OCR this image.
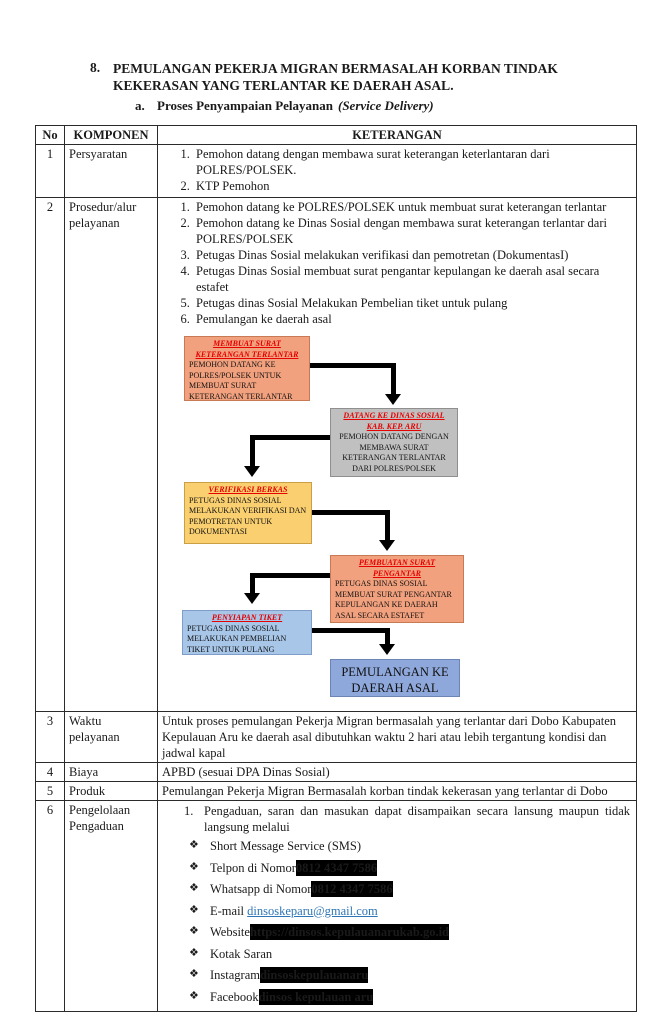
8. PEMULANGAN PEKERJA MIGRAN BERMASALAH KORBAN TINDAK
KEKERASAN YANG TERLANTAR KE DAERAH ASAL.
a. Proses Penyampaian Pelayanan (Service Delivery)
No	KOMPONEN	KETERANGAN
1	Persyaratan	
1.Pemohon datang dengan membawa surat keterangan keterlantaran dari POLRES/POLSEK.
2. KTP Pemohon

2	Prosedur/alur pelayanan	
1. Pemohon datang ke POLRES/POLSEK untuk membuat surat keterangan terlantar
2. Pemohon datang ke Dinas Sosial dengan membawa surat keterangan terlantar dari POLRES/POLSEK
3. Petugas Dinas Sosial melakukan verifikasi dan pemotretan (DokumentasI)
4. Petugas Dinas Sosial membuat surat pengantar kepulangan ke daerah asal secara estafet
5. Petugas dinas Sosial Melakukan Pembelian tiket untuk pulang
6. Pemulangan ke daerah asal
MEMBUAT SURAT KETERANGAN TERLANTAR
PEMOHON DATANG KE POLRES/POLSEK UNTUK MEMBUAT SURAT KETERANGAN TERLANTAR
DATANG KE DINAS SOSIAL KAB. KEP. ARU
PEMOHON DATANG DENGAN MEMBAWA SURAT KETERANGAN TERLANTAR DARI POLRES/POLSEK
VERIFIKASI BERKAS
PETUGAS DINAS SOSIAL MELAKUKAN VERIFIKASI DAN PEMOTRETAN UNTUK DOKUMENTASI
PEMBUATAN SURAT PENGANTAR
PETUGAS DINAS SOSIAL MEMBUAT SURAT PENGANTAR KEPULANGAN KE DAERAH ASAL SECARA ESTAFET
PENYIAPAN TIKET
PETUGAS DINAS SOSIAL MELAKUKAN PEMBELIAN TIKET UNTUK PULANG
PEMULANGAN KE DAERAH ASAL

3	Waktu pelayanan	Untuk proses pemulangan Pekerja Migran bermasalah yang terlantar dari Dobo Kabupaten Kepulauan Aru ke daerah asal dibutuhkan waktu 2 hari atau lebih tergantung kondisi dan jadwal kapal
4	Biaya	APBD (sesuai DPA Dinas Sosial)
5	Produk	Pemulangan Pekerja Migran Bermasalah korban tindak kekerasan yang terlantar di Dobo
6	Pengelolaan Pengaduan	
1. Pengaduan, saran dan masukan dapat disampaikan secara lansung maupun tidak langsung melalui
❖ Short Message Service (SMS)
❖ Telpon di Nomor 0812 4347 7586
❖ Whatsapp di Nomor 0812 4347 7586
❖ E-mail dinsoskeparu@gmail.com
❖ Website https://dinsos.kepulauanarukab.go.id
❖ Kotak Saran
❖ Instagram dinsoskepulauanaru
❖ Facebook dinsos kepulauan aru
